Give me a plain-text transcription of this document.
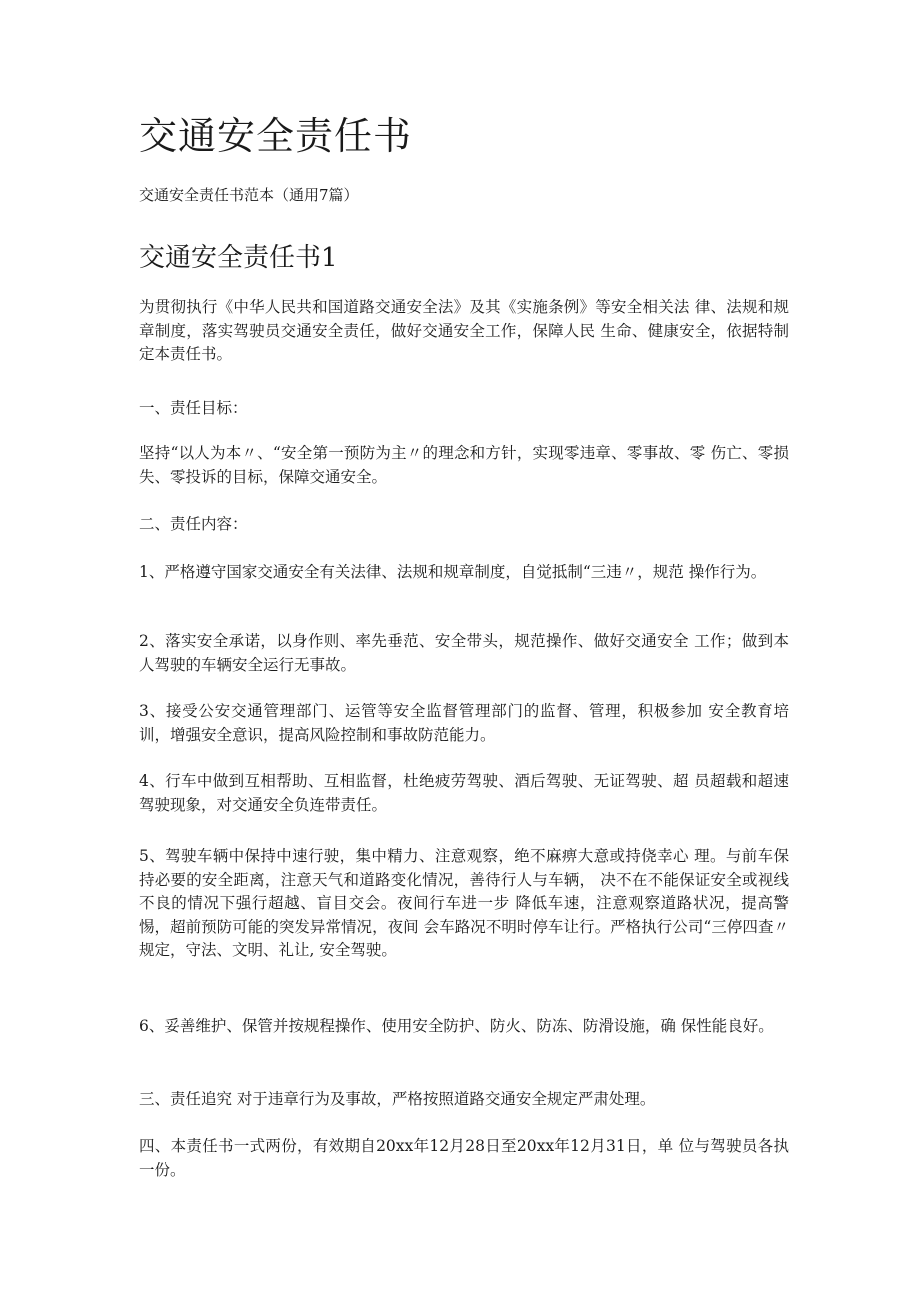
交通安全责任书
交通安全责任书范本（通用7篇）
交通安全责任书1

为贯彻执行《中华人民共和国道路交通安全法》及其《实施条例》等安全相关法 律、法规和规章制度，落实驾驶员交通安全责任，做好交通安全工作，保障人民 生命、健康安全，依据特制定本责任书。

一、责任目标：

坚持“以人为本〃、“安全第一预防为主〃的理念和方针，实现零违章、零事故、零 伤亡、零损失、零投诉的目标，保障交通安全。

二、责任内容：

1、严格遵守国家交通安全有关法律、法规和规章制度，自觉抵制“三违〃，规范 操作行为。

2、落实安全承诺，以身作则、率先垂范、安全带头，规范操作、做好交通安全 工作；做到本人驾驶的车辆安全运行无事故。

3、接受公安交通管理部门、运管等安全监督管理部门的监督、管理，积极参加 安全教育培训，增强安全意识，提高风险控制和事故防范能力。

4、行车中做到互相帮助、互相监督，杜绝疲劳驾驶、酒后驾驶、无证驾驶、超 员超载和超速驾驶现象，对交通安全负连带责任。

5、驾驶车辆中保持中速行驶，集中精力、注意观察，绝不麻痹大意或持侥幸心 理。与前车保持必要的安全距离，注意天气和道路变化情况，善待行人与车辆， 决不在不能保证安全或视线不良的情况下强行超越、盲目交会。夜间行车进一步 降低车速，注意观察道路状况，提高警惕，超前预防可能的突发异常情况，夜间 会车路况不明时停车让行。严格执行公司“三停四查〃规定，守法、文明、礼让, 安全驾驶。

6、妥善维护、保管并按规程操作、使用安全防护、防火、防冻、防滑设施，确 保性能良好。

三、责任追究 对于违章行为及事故，严格按照道路交通安全规定严肃处理。

四、本责任书一式两份，有效期自20xx年12月28日至20xx年12月31日，单 位与驾驶员各执一份。
